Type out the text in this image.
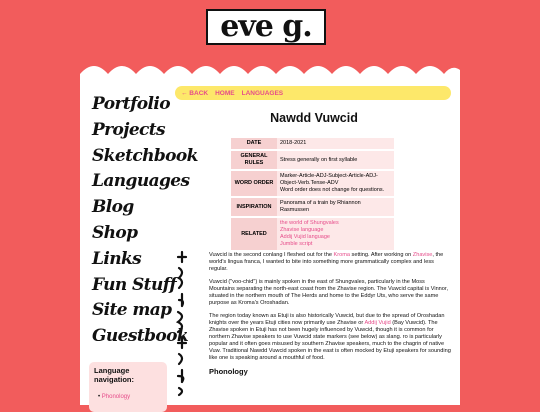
eve g.
Portfolio
Projects
Sketchbook
Languages
Blog
Shop
Links
Fun Stuff
Site map
Guestbook
Language navigation:
• Phonology
← BACK HOME LANGUAGES
Nawdd Vuwcid
DATE	2018-2021
GENERAL RULES	Stress generally on first syllable
WORD ORDER	Marker-Article-ADJ-Subject-Article-ADJ-Object-Verb.Tense-ADV
Word order does not change for questions.
INSPIRATION	Panorama of a train by Rhiannon Rasmussen
RELATED	the world of Shungvales
Zhavise language
Addij Vujid language
Jumble script

Vuwcid is the second conlang I fleshed out for the Kroma setting. After working on Zhavise, the world's lingua franca, I wanted to bite into something more grammatically complex and less regular.

Vuwcid ("voo-chid") is mainly spoken in the east of Shungvales, particularly in the Moss Mountains separating the north-east coast from the Zhavise region. The Vuwcid capital is Vinnor, situated in the northern mouth of The Herds and home to the Eddyr Uts, who serve the same purpose as Kroma's Oroshadan.

The region today known as Etuji is also historically Vuwcid, but due to the spread of Oroshadan knights over the years Etuji cities now primarily use Zhavise or Addij Vujid (Bay Vuwcid). The Zhavise spoken in Etuji has not been hugely influenced by Vuwcid, though it is common for northern Zhavise speakers to use Vuwcid state markers (see below) as slang. ro is particularly popular and it often goes misused by southern Zhavise speakers, much to the chagrin of native Vuw. Traditional Nawdd Vuwcid spoken in the east is often mocked by Etuji speakers for sounding like one is speaking around a mouthful of food.

Phonology
